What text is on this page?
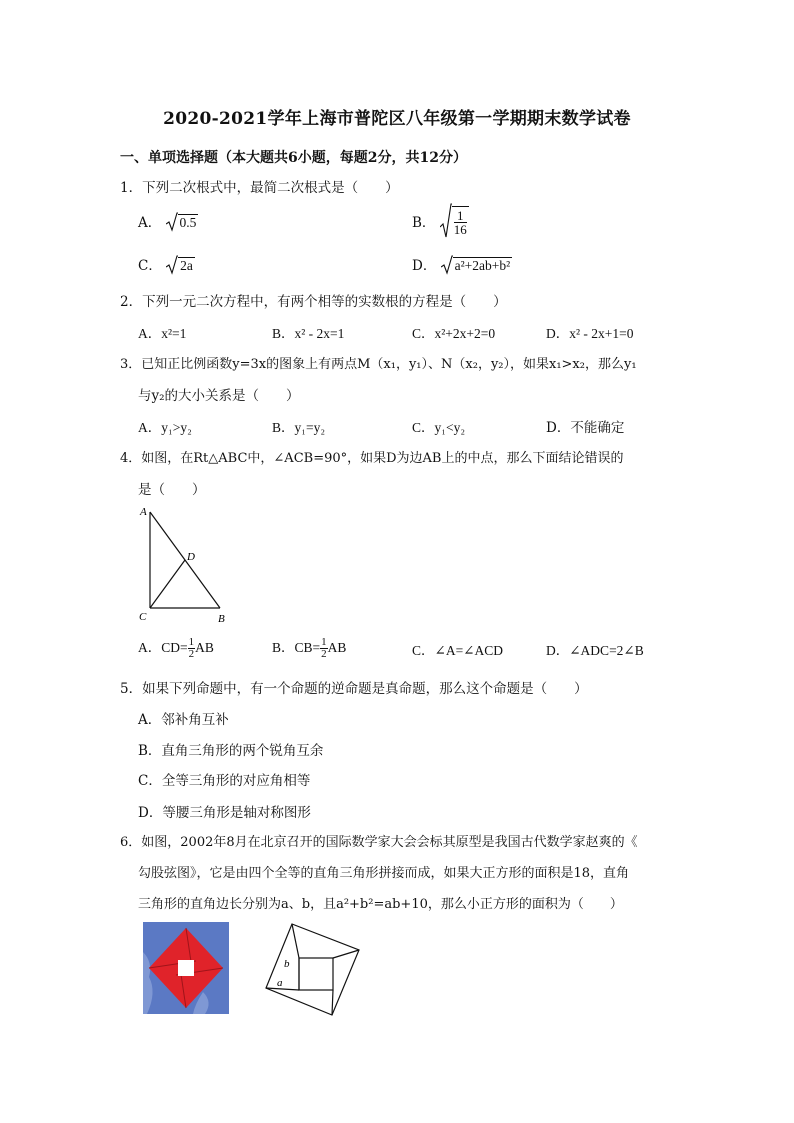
2020-2021学年上海市普陀区八年级第一学期期末数学试卷
一、单项选择题（本大题共6小题，每题2分，共12分）
1．下列二次根式中，最简二次根式是（　　）
A． 0.5	B． $\frac{1}{16}$
C． 2a	D． a²+2ab+b²
2．下列一元二次方程中，有两个相等的实数根的方程是（　　）
A．x²=1	B．x² - 2x=1	C．x²+2x+2=0	D．x² - 2x+1=0
3．已知正比例函数y=3x的图象上有两点M（x₁，y₁）、N（x₂，y₂），如果x₁>x₂，那么y₁
与y₂的大小关系是（　　）
A．y₁>y₂	B．y₁=y₂	C．y₁<y₂	D．不能确定
4．如图，在Rt△ABC中，∠ACB=90°，如果D为边AB上的中点，那么下面结论错误的
是（　　）
A
D
C	B
A．$CD= \frac{1}{2}$ AB	B．$CB= \frac{1}{2}$ AB	C．∠A=∠ACD	D．∠ADC=2∠B
5．如果下列命题中，有一个命题的逆命题是真命题，那么这个命题是（　　）
A．邻补角互补
B．直角三角形的两个锐角互余
C．全等三角形的对应角相等
D．等腰三角形是轴对称图形
6．如图，2002年8月在北京召开的国际数学家大会会标其原型是我国古代数学家赵爽的《
勾股弦图》，它是由四个全等的直角三角形拼接而成，如果大正方形的面积是18，直角
三角形的直角边长分别为a、b，且a²+b²=ab+10，那么小正方形的面积为（　　）
b
a
